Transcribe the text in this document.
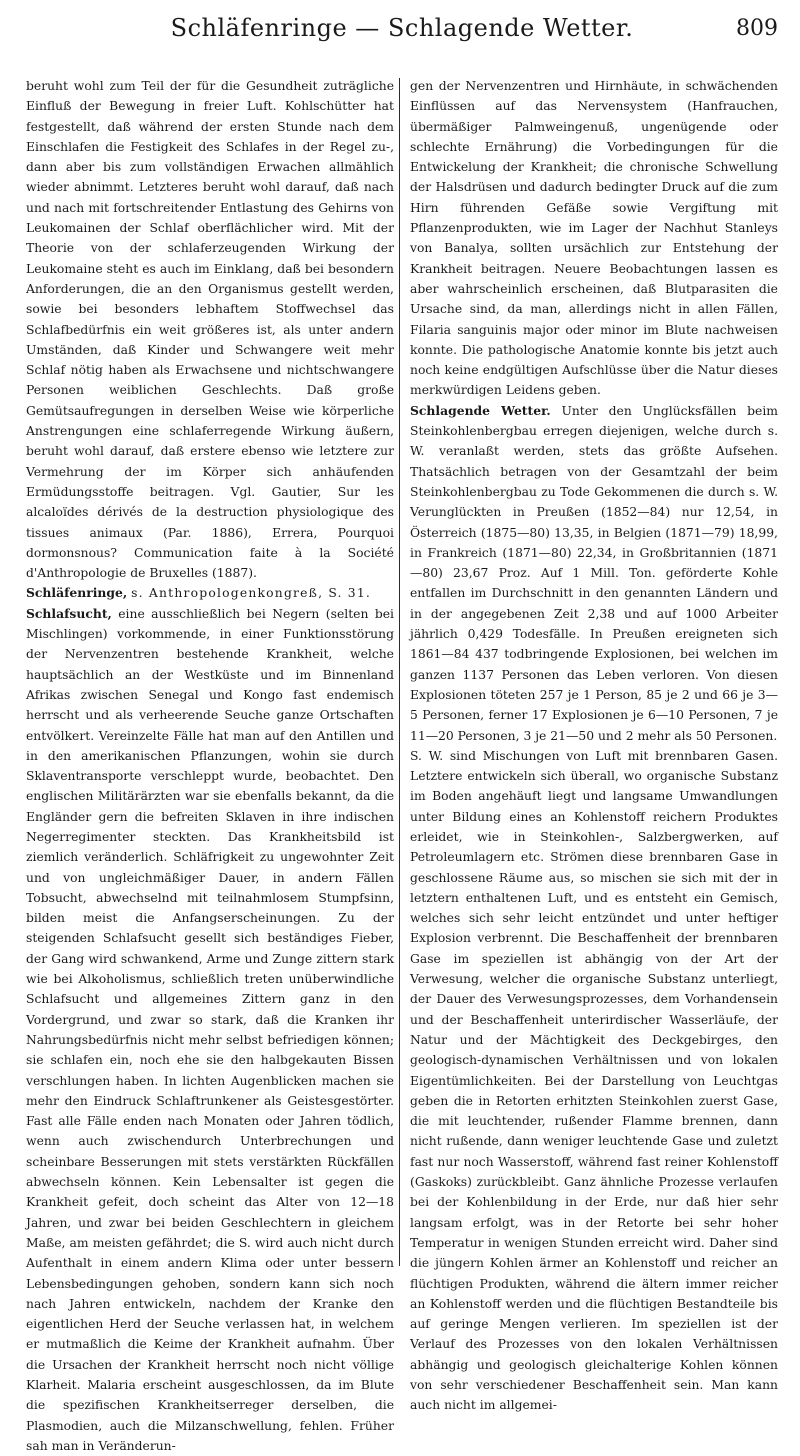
Schläfenringe — Schlagende Wetter.	809

beruht wohl zum Teil der für die Gesundheit zuträgliche Einfluß der Bewegung in freier Luft. Kohlschütter hat festgestellt, daß während der ersten Stunde nach dem Einschlafen die Festigkeit des Schlafes in der Regel zu-, dann aber bis zum vollständigen Erwachen allmählich wieder abnimmt. Letzteres beruht wohl darauf, daß nach und nach mit fortschreitender Entlastung des Gehirns von Leukomainen der Schlaf oberflächlicher wird. Mit der Theorie von der schlaferzeugenden Wirkung der Leukomaine steht es auch im Einklang, daß bei besondern Anforderungen, die an den Organismus gestellt werden, sowie bei besonders lebhaftem Stoffwechsel das Schlafbedürfnis ein weit größeres ist, als unter andern Umständen, daß Kinder und Schwangere weit mehr Schlaf nötig haben als Erwachsene und nichtschwangere Personen weiblichen Geschlechts. Daß große Gemütsaufregungen in derselben Weise wie körperliche Anstrengungen eine schlaferregende Wirkung äußern, beruht wohl darauf, daß erstere ebenso wie letztere zur Vermehrung der im Körper sich anhäufenden Ermüdungsstoffe beitragen. Vgl. Gautier, Sur les alcaloïdes dérivés de la destruction physiologique des tissues animaux (Par. 1886), Errera, Pourquoi dormonsnous? Communication faite à la Société d'Anthropologie de Bruxelles (1887).

Schläfenringe, s. Anthropologenkongreß, S. 31.

Schlafsucht, eine ausschließlich bei Negern (selten bei Mischlingen) vorkommende, in einer Funktionsstörung der Nervenzentren bestehende Krankheit, welche hauptsächlich an der Westküste und im Binnenland Afrikas zwischen Senegal und Kongo fast endemisch herrscht und als verheerende Seuche ganze Ortschaften entvölkert. Vereinzelte Fälle hat man auf den Antillen und in den amerikanischen Pflanzungen, wohin sie durch Sklaventransporte verschleppt wurde, beobachtet. Den englischen Militärärzten war sie ebenfalls bekannt, da die Engländer gern die befreiten Sklaven in ihre indischen Negerregimenter steckten. Das Krankheitsbild ist ziemlich veränderlich. Schläfrigkeit zu ungewohnter Zeit und von ungleichmäßiger Dauer, in andern Fällen Tobsucht, abwechselnd mit teilnahmlosem Stumpfsinn, bilden meist die Anfangserscheinungen. Zu der steigenden Schlafsucht gesellt sich beständiges Fieber, der Gang wird schwankend, Arme und Zunge zittern stark wie bei Alkoholismus, schließlich treten unüberwindliche Schlafsucht und allgemeines Zittern ganz in den Vordergrund, und zwar so stark, daß die Kranken ihr Nahrungsbedürfnis nicht mehr selbst befriedigen können; sie schlafen ein, noch ehe sie den halbgekauten Bissen verschlungen haben. In lichten Augenblicken machen sie mehr den Eindruck Schlaftrunkener als Geistesgestörter. Fast alle Fälle enden nach Monaten oder Jahren tödlich, wenn auch zwischendurch Unterbrechungen und scheinbare Besserungen mit stets verstärkten Rückfällen abwechseln können. Kein Lebensalter ist gegen die Krankheit gefeit, doch scheint das Alter von 12—18 Jahren, und zwar bei beiden Geschlechtern in gleichem Maße, am meisten gefährdet; die S. wird auch nicht durch Aufenthalt in einem andern Klima oder unter bessern Lebensbedingungen gehoben, sondern kann sich noch nach Jahren entwickeln, nachdem der Kranke den eigentlichen Herd der Seuche verlassen hat, in welchem er mutmaßlich die Keime der Krankheit aufnahm. Über die Ursachen der Krankheit herrscht noch nicht völlige Klarheit. Malaria erscheint ausgeschlossen, da im Blute die spezifischen Krankheitserreger derselben, die Plasmodien, auch die Milzanschwellung, fehlen. Früher sah man in Veränderun-

gen der Nervenzentren und Hirnhäute, in schwächenden Einflüssen auf das Nervensystem (Hanfrauchen, übermäßiger Palmweingenuß, ungenügende oder schlechte Ernährung) die Vorbedingungen für die Entwickelung der Krankheit; die chronische Schwellung der Halsdrüsen und dadurch bedingter Druck auf die zum Hirn führenden Gefäße sowie Vergiftung mit Pflanzenprodukten, wie im Lager der Nachhut Stanleys von Banalya, sollten ursächlich zur Entstehung der Krankheit beitragen. Neuere Beobachtungen lassen es aber wahrscheinlich erscheinen, daß Blutparasiten die Ursache sind, da man, allerdings nicht in allen Fällen, Filaria sanguinis major oder minor im Blute nachweisen konnte. Die pathologische Anatomie konnte bis jetzt auch noch keine endgültigen Aufschlüsse über die Natur dieses merkwürdigen Leidens geben.

Schlagende Wetter. Unter den Unglücksfällen beim Steinkohlenbergbau erregen diejenigen, welche durch s. W. veranlaßt werden, stets das größte Aufsehen. Thatsächlich betragen von der Gesamtzahl der beim Steinkohlenbergbau zu Tode Gekommenen die durch s. W. Verunglückten in Preußen (1852—84) nur 12,54, in Österreich (1875—80) 13,35, in Belgien (1871—79) 18,99, in Frankreich (1871—80) 22,34, in Großbritannien (1871—80) 23,67 Proz. Auf 1 Mill. Ton. geförderte Kohle entfallen im Durchschnitt in den genannten Ländern und in der angegebenen Zeit 2,38 und auf 1000 Arbeiter jährlich 0,429 Todesfälle. In Preußen ereigneten sich 1861—84 437 todbringende Explosionen, bei welchen im ganzen 1137 Personen das Leben verloren. Von diesen Explosionen töteten 257 je 1 Person, 85 je 2 und 66 je 3—5 Personen, ferner 17 Explosionen je 6—10 Personen, 7 je 11—20 Personen, 3 je 21—50 und 2 mehr als 50 Personen.

S. W. sind Mischungen von Luft mit brennbaren Gasen. Letztere entwickeln sich überall, wo organische Substanz im Boden angehäuft liegt und langsame Umwandlungen unter Bildung eines an Kohlenstoff reichern Produktes erleidet, wie in Steinkohlen-, Salzbergwerken, auf Petroleumlagern etc. Strömen diese brennbaren Gase in geschlossene Räume aus, so mischen sie sich mit der in letztern enthaltenen Luft, und es entsteht ein Gemisch, welches sich sehr leicht entzündet und unter heftiger Explosion verbrennt. Die Beschaffenheit der brennbaren Gase im speziellen ist abhängig von der Art der Verwesung, welcher die organische Substanz unterliegt, der Dauer des Verwesungsprozesses, dem Vorhandensein und der Beschaffenheit unterirdischer Wasserläufe, der Natur und der Mächtigkeit des Deckgebirges, den geologisch-dynamischen Verhältnissen und von lokalen Eigentümlichkeiten. Bei der Darstellung von Leuchtgas geben die in Retorten erhitzten Steinkohlen zuerst Gase, die mit leuchtender, rußender Flamme brennen, dann nicht rußende, dann weniger leuchtende Gase und zuletzt fast nur noch Wasserstoff, während fast reiner Kohlenstoff (Gaskoks) zurückbleibt. Ganz ähnliche Prozesse verlaufen bei der Kohlenbildung in der Erde, nur daß hier sehr langsam erfolgt, was in der Retorte bei sehr hoher Temperatur in wenigen Stunden erreicht wird. Daher sind die jüngern Kohlen ärmer an Kohlenstoff und reicher an flüchtigen Produkten, während die ältern immer reicher an Kohlenstoff werden und die flüchtigen Bestandteile bis auf geringe Mengen verlieren. Im speziellen ist der Verlauf des Prozesses von den lokalen Verhältnissen abhängig und geologisch gleichalterige Kohlen können von sehr verschiedener Beschaffenheit sein. Man kann auch nicht im allgemei-
